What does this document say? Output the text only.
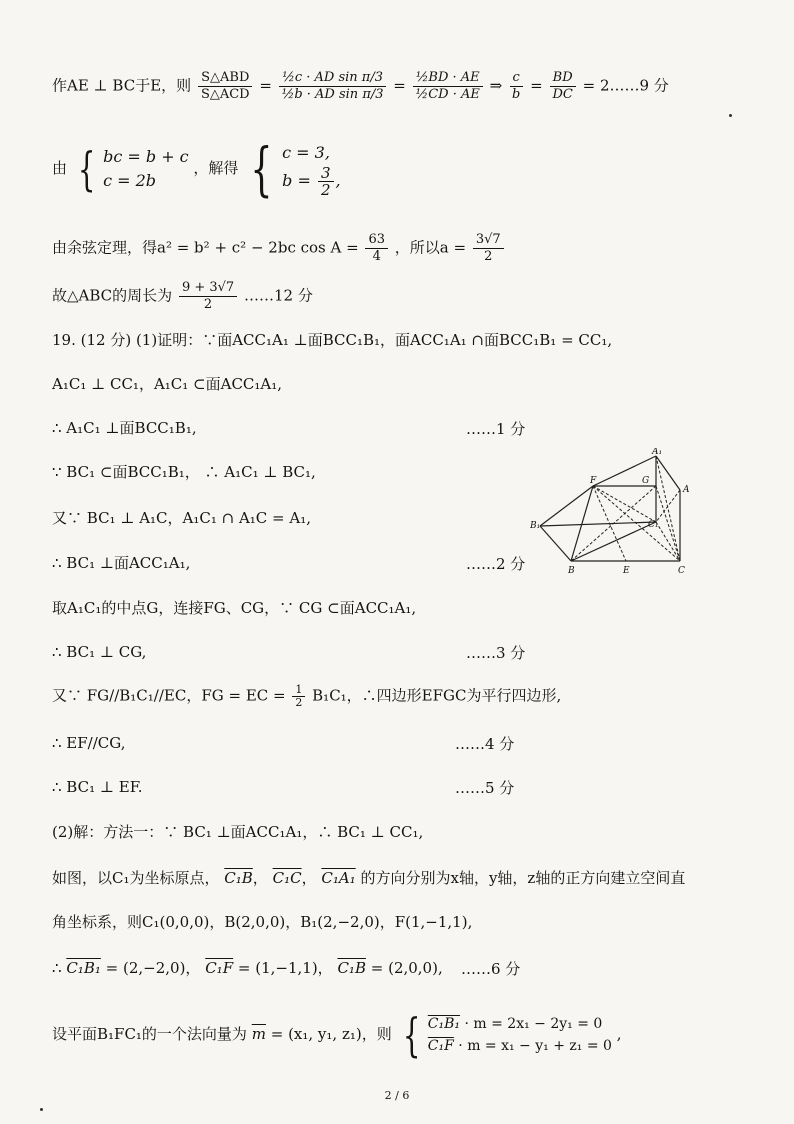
作AE ⊥ BC于E，则 $\frac{\text{S△ABD}}{\text{S△ACD}} = \frac{\text{½c · AD sin π/3}}{\text{½b · AD sin π/3}} = \frac{\text{½BD · AE}}{\text{½CD · AE}}$ ⇒ $\frac{c}{b} = \frac{BD}{DC}$ = 2……9 分
由 { bc = b + c
c = 2b
，解得 { c = 3,
$b = \frac{3}{2}$ ,
由余弦定理，得a² = b² + c² − 2bc $\cos A = \frac{63}{4}$ ，所以$a = \frac{3√7}{2}$
故△ABC的周长为 $\frac{9 + 3√7}{2}$ ……12 分
19. (12 分) (1)证明：∵面ACC₁A₁ ⊥面BCC₁B₁，面ACC₁A₁ ∩面BCC₁B₁ = CC₁,
A₁C₁ ⊥ CC₁，A₁C₁ ⊂面ACC₁A₁,
∴ A₁C₁ ⊥面BCC₁B₁,	……1 分
∵ BC₁ ⊂面BCC₁B₁， ∴ A₁C₁ ⊥ BC₁,
又∵ BC₁ ⊥ A₁C，A₁C₁ ∩ A₁C = A₁,
∴ BC₁ ⊥面ACC₁A₁,	……2 分
取A₁C₁的中点G，连接FG、CG，∵ CG ⊂面ACC₁A₁,
∴ BC₁ ⊥ CG,	……3 分
又∵ FG//B₁C₁//EC，FG = EC = $\frac{1}{2} B_1C_1$，∴四边形EFGC为平行四边形,
∴ EF//CG,	……4 分
∴ BC₁ ⊥ EF.	……5 分
(2)解：方法一：∵ BC₁ ⊥面ACC₁A₁，∴ BC₁ ⊥ CC₁,
如图，以C₁为坐标原点， C₁B， C₁C， C₁A₁ 的方向分别为x轴，y轴，z轴的正方向建立空间直
角坐标系，则C₁(0,0,0)，B(2,0,0)，B₁(2,−2,0)，F(1,−1,1),
∴ C₁B₁ = (2,−2,0)， C₁F = (1,−1,1)， C₁B = (2,0,0), ……6 分
设平面B₁FC₁的一个法向量为 $\overline{m} = (x_1$, y₁, z₁)，则 { C₁B₁ · m = 2x₁ − 2y₁ = 0
C₁F · m = x₁ − y₁ + z₁ = 0
,
A₁
A
F	G
B₁	C₁
B	E	C
2 / 6
